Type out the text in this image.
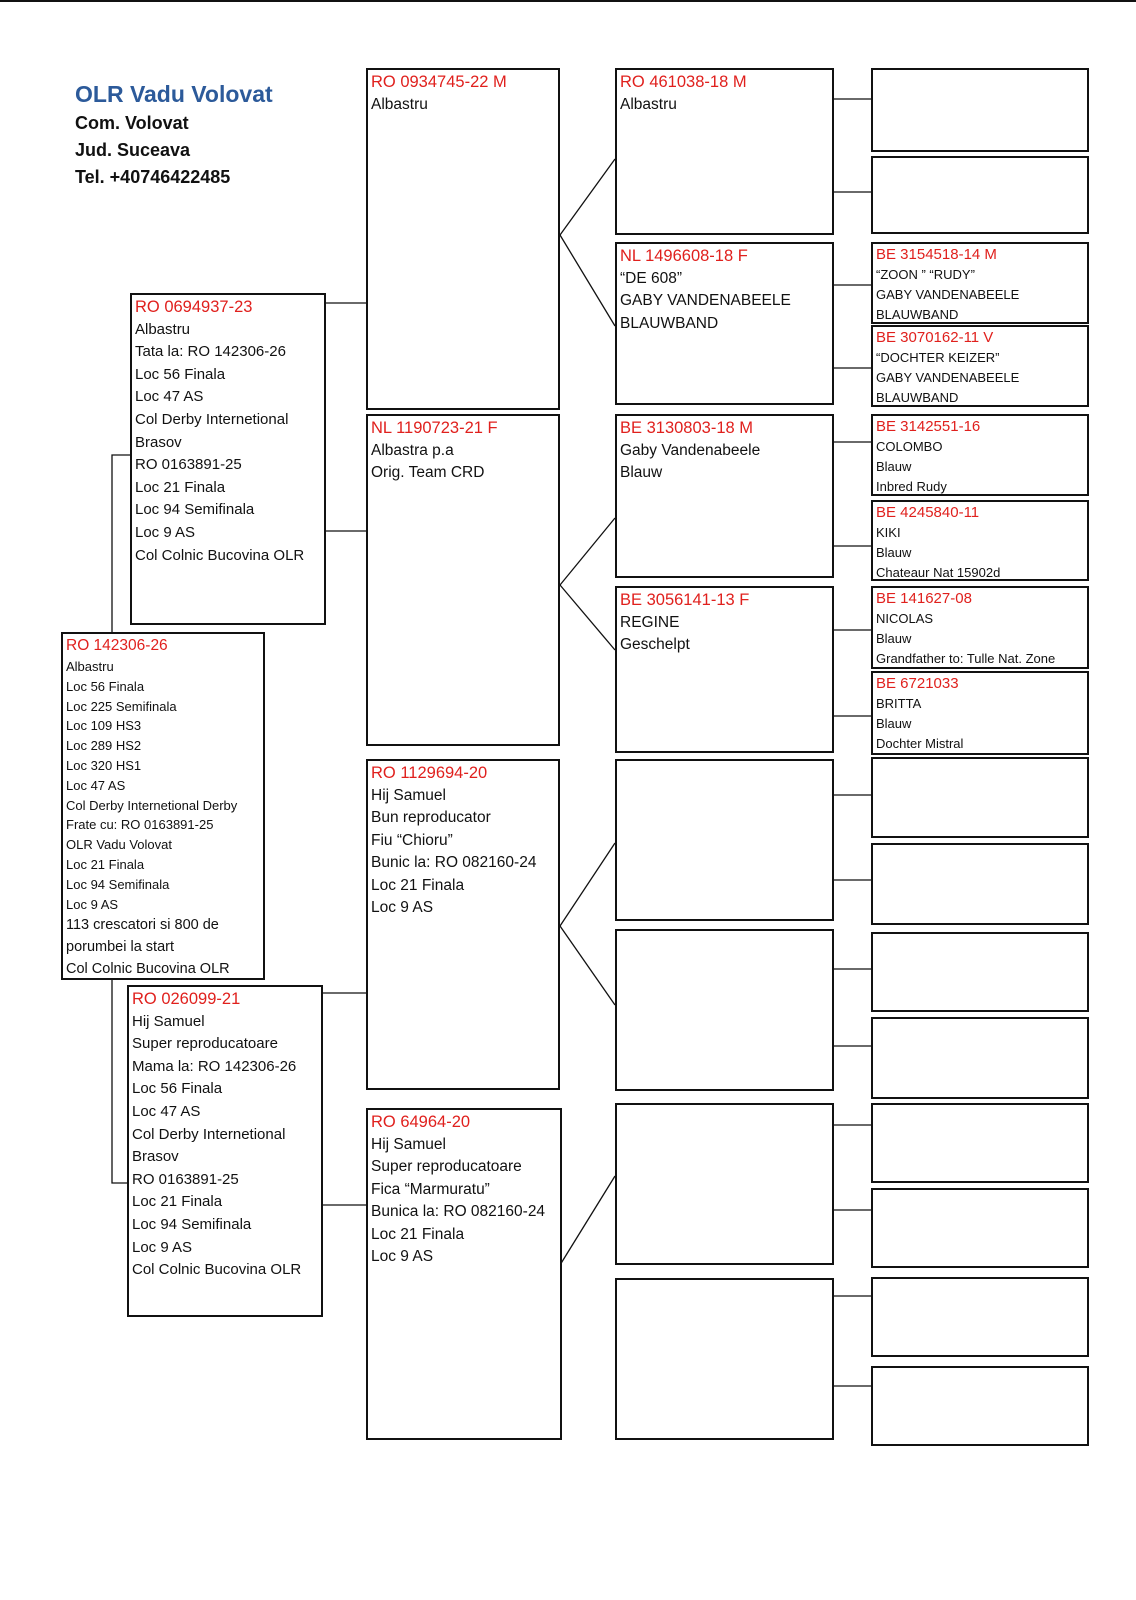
OLR Vadu Volovat
Com. Volovat
Jud. Suceava
Tel. +40746422485
RO 142306-26
Albastru
Loc 56 Finala
Loc 225 Semifinala
Loc 109 HS3
Loc 289 HS2
Loc 320 HS1
Loc 47 AS
Col Derby Internetional Derby
Frate cu: RO 0163891-25
OLR Vadu Volovat
Loc 21 Finala
Loc 94 Semifinala
Loc 9 AS
113 crescatori si 800 de
porumbei la start
Col Colnic Bucovina OLR
RO 0694937-23
Albastru
Tata la: RO 142306-26
Loc 56 Finala
Loc 47 AS
Col Derby Internetional
Brasov
RO 0163891-25
Loc 21 Finala
Loc 94 Semifinala
Loc 9 AS
Col Colnic Bucovina OLR
RO 026099-21
Hij Samuel
Super reproducatoare
Mama la: RO 142306-26
Loc 56 Finala
Loc 47 AS
Col Derby Internetional
Brasov
RO 0163891-25
Loc 21 Finala
Loc 94 Semifinala
Loc 9 AS
Col Colnic Bucovina OLR
RO 0934745-22 M
Albastru
NL 1190723-21 F
Albastra p.a
Orig. Team CRD
RO 1129694-20
Hij Samuel
Bun reproducator
Fiu “Chioru”
Bunic la: RO 082160-24
Loc 21 Finala
Loc 9 AS
RO 64964-20
Hij Samuel
Super reproducatoare
Fica “Marmuratu”
Bunica la: RO 082160-24
Loc 21 Finala
Loc 9 AS
RO 461038-18 M
Albastru
NL 1496608-18 F
“DE 608”
GABY VANDENABEELE
BLAUWBAND
BE 3130803-18 M
Gaby Vandenabeele
Blauw
BE 3056141-13 F
REGINE
Geschelpt
BE 3154518-14 M
“ZOON ” “RUDY”
GABY VANDENABEELE
BLAUWBAND
BE 3070162-11 V
“DOCHTER KEIZER”
GABY VANDENABEELE
BLAUWBAND
BE 3142551-16
COLOMBO
Blauw
Inbred Rudy
BE 4245840-11
KIKI
Blauw
Chateaur Nat 15902d
BE 141627-08
NICOLAS
Blauw
Grandfather to: Tulle Nat. Zone
BE 6721033
BRITTA
Blauw
Dochter Mistral
